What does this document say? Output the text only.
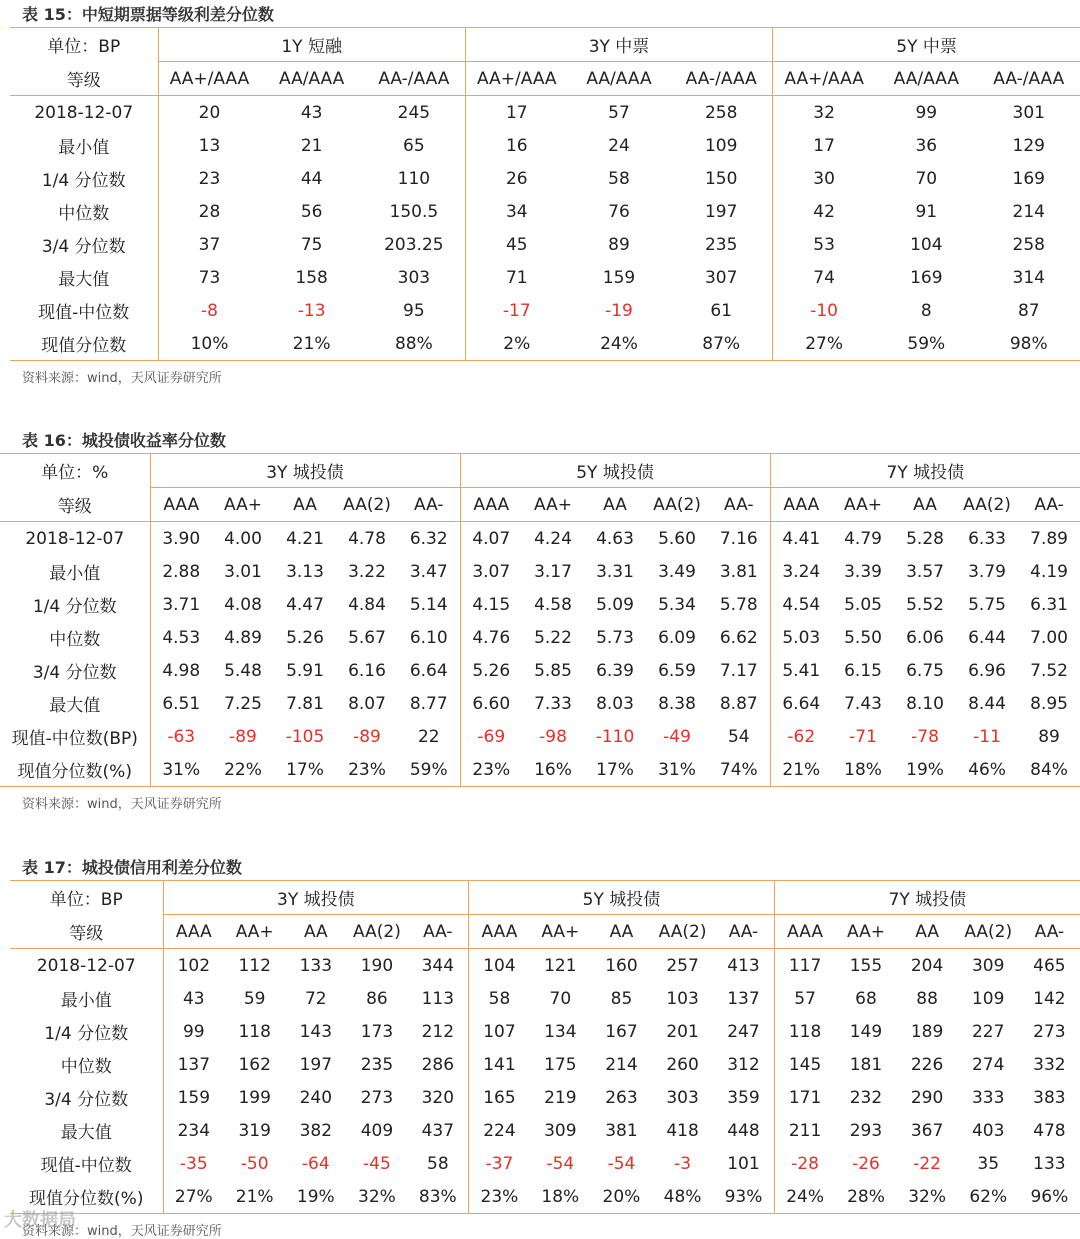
表 15：中短期票据等级利差分位数
单位：BP	1Y 短融			3Y 中票			5Y 中票		
等级	AA+/AAA	AA/AAA	AA-/AAA	AA+/AAA	AA/AAA	AA-/AAA	AA+/AAA	AA/AAA	AA-/AAA
2018-12-07	20	43	245	17	57	258	32	99	301
最小值	13	21	65	16	24	109	17	36	129
1/4 分位数	23	44	110	26	58	150	30	70	169
中位数	28	56	150.5	34	76	197	42	91	214
3/4 分位数	37	75	203.25	45	89	235	53	104	258
最大值	73	158	303	71	159	307	74	169	314
现值-中位数	-8	-13	95	-17	-19	61	-10	8	87
现值分位数	10%	21%	88%	2%	24%	87%	27%	59%	98%
资料来源：wind，天风证券研究所
表 16：城投债收益率分位数
单位：%	3Y 城投债					5Y 城投债					7Y 城投债				
等级	AAA	AA+	AA	AA(2)	AA-	AAA	AA+	AA	AA(2)	AA-	AAA	AA+	AA	AA(2)	AA-
2018-12-07	3.90	4.00	4.21	4.78	6.32	4.07	4.24	4.63	5.60	7.16	4.41	4.79	5.28	6.33	7.89
最小值	2.88	3.01	3.13	3.22	3.47	3.07	3.17	3.31	3.49	3.81	3.24	3.39	3.57	3.79	4.19
1/4 分位数	3.71	4.08	4.47	4.84	5.14	4.15	4.58	5.09	5.34	5.78	4.54	5.05	5.52	5.75	6.31
中位数	4.53	4.89	5.26	5.67	6.10	4.76	5.22	5.73	6.09	6.62	5.03	5.50	6.06	6.44	7.00
3/4 分位数	4.98	5.48	5.91	6.16	6.64	5.26	5.85	6.39	6.59	7.17	5.41	6.15	6.75	6.96	7.52
最大值	6.51	7.25	7.81	8.07	8.77	6.60	7.33	8.03	8.38	8.87	6.64	7.43	8.10	8.44	8.95
现值-中位数(BP)	-63	-89	-105	-89	22	-69	-98	-110	-49	54	-62	-71	-78	-11	89
现值分位数(%)	31%	22%	17%	23%	59%	23%	16%	17%	31%	74%	21%	18%	19%	46%	84%
资料来源：wind，天风证券研究所
表 17：城投债信用利差分位数
单位：BP	3Y 城投债					5Y 城投债					7Y 城投债				
等级	AAA	AA+	AA	AA(2)	AA-	AAA	AA+	AA	AA(2)	AA-	AAA	AA+	AA	AA(2)	AA-
2018-12-07	102	112	133	190	344	104	121	160	257	413	117	155	204	309	465
最小值	43	59	72	86	113	58	70	85	103	137	57	68	88	109	142
1/4 分位数	99	118	143	173	212	107	134	167	201	247	118	149	189	227	273
中位数	137	162	197	235	286	141	175	214	260	312	145	181	226	274	332
3/4 分位数	159	199	240	273	320	165	219	263	303	359	171	232	290	333	383
最大值	234	319	382	409	437	224	309	381	418	448	211	293	367	403	478
现值-中位数	-35	-50	-64	-45	58	-37	-54	-54	-3	101	-28	-26	-22	35	133
现值分位数(%)	27%	21%	19%	32%	83%	23%	18%	20%	48%	93%	24%	28%	32%	62%	96%
资料来源：wind，天风证券研究所
大数据局
